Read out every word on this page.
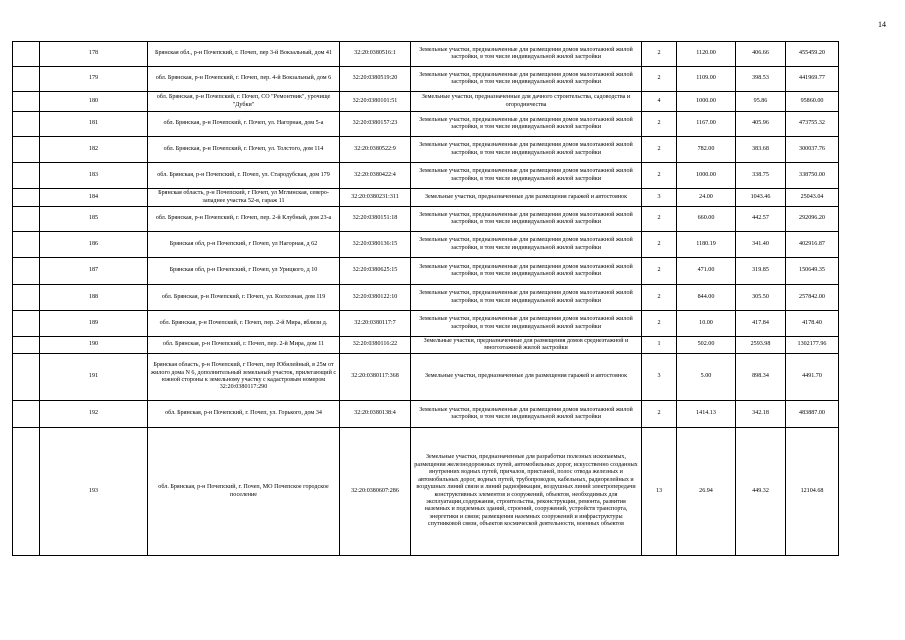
14
	178	Брянская обл., р-н Почепский, г. Почеп, пер 3-й Вокзальный, дом 41	32:20:0380516:1	Земельные участки, предназначенные для размещения домов малоэтажной жилой застройки, в том числе индивидуальной жилой застройки	2	1120.00	406.66	455459.20
	179	обл. Брянская, р-н Почепский, г. Почеп, пер. 4-й Вокзальный, дом 6	32:20:0380519:20	Земельные участки, предназначенные для размещения домов малоэтажной жилой застройки, в том числе индивидуальной жилой застройки	2	1109.00	398.53	441969.77
	180	обл. Брянская, р-н Почепский, г. Почеп, СО "Ремонтник", урочище "Дубки"	32:20:0380101:51	Земельные участки, предназначенные для дачного строительства, садоводства и огородничества	4	1000.00	95.86	95860.00
	181	обл. Брянская, р-н Почепский, г. Почеп, ул. Нагорная, дом 5-а	32:20:0380157:23	Земельные участки, предназначенные для размещения домов малоэтажной жилой застройки, в том числе индивидуальной жилой застройки	2	1167.00	405.96	473755.32
	182	обл. Брянская, р-н Почепский, г. Почеп, ул. Толстого, дом 114	32:20:0380522:9	Земельные участки, предназначенные для размещения домов малоэтажной жилой застройки, в том числе индивидуальной жилой застройки	2	782.00	383.68	300037.76
	183	обл. Брянская, р-н Почепский, г. Почеп, ул. Стародубская, дом 179	32:20:0380422:4	Земельные участки, предназначенные для размещения домов малоэтажной жилой застройки, в том числе индивидуальной жилой застройки	2	1000.00	338.75	338750.00
	184	Брянская область, р-н Почепский, г Почеп, ул Мглинская, северо-западнее участка 52-в, гараж 11	32:20:0380231:311	Земельные участки, предназначенные для размещения гаражей и автостоянок	3	24.00	1043.46	25043.04
	185	обл. Брянская, р-н Почепский, г. Почеп, пер. 2-й Клубный, дом 23-а	32:20:0380151:18	Земельные участки, предназначенные для размещения домов малоэтажной жилой застройки, в том числе индивидуальной жилой застройки	2	660.00	442.57	292096.20
	186	Брянская обл, р-н Почепский, г Почеп, ул Нагорная, д 62	32:20:0380136:15	Земельные участки, предназначенные для размещения домов малоэтажной жилой застройки, в том числе индивидуальной жилой застройки	2	1180.19	341.40	402916.87
	187	Брянская обл, р-н Почепский, г Почеп, ул Урицкого, д 10	32:20:0380625:15	Земельные участки, предназначенные для размещения домов малоэтажной жилой застройки, в том числе индивидуальной жилой застройки	2	471.00	319.85	150649.35
	188	обл. Брянская, р-н Почепский, г. Почеп, ул. Колхозная, дом 119	32:20:0380122:10	Земельные участки, предназначенные для размещения домов малоэтажной жилой застройки, в том числе индивидуальной жилой застройки	2	844.00	305.50	257842.00
	189	обл. Брянская, р-н Почепский, г. Почеп, пер. 2-й Мира, вблизи д.	32:20:0380117:7	Земельные участки, предназначенные для размещения домов малоэтажной жилой застройки, в том числе индивидуальной жилой застройки	2	10.00	417.84	4178.40
	190	обл. Брянская, р-н Почепский, г. Почеп, пер. 2-й Мира, дом 11	32:20:0380116:22	Земельные участки, предназначенные для размещения домов среднеэтажной и многоэтажной жилой застройки	1	502.00	2593.98	1302177.96
	191	Брянская область, р-н Почепский, г Почеп, пер Юбилейный, в 25м от жилого дома N 6, дополнительный земельный участок, прилегающий с южной стороны к земельному участку с кадастровым номером 32:20:0380117:290	32:20:0380117:368	Земельные участки, предназначенные для размещения гаражей и автостоянок	3	5.00	898.34	4491.70
	192	обл. Брянская, р-н Почепский, г. Почеп, ул. Горького, дом 34	32:20:0380138:4	Земельные участки, предназначенные для размещения домов малоэтажной жилой застройки, в том числе индивидуальной жилой застройки	2	1414.13	342.18	483887.00
	193	обл. Брянская, р-н Почепский, г. Почеп, МО Почепское городское поселение	32:20:0380607:286	Земельные участки, предназначенные для разработки полезных ископаемых, размещения железнодорожных путей, автомобильных дорог, искусственно созданных внутренних водных путей, причалов, пристаней, полос отвода железных и автомобильных дорог, водных путей, трубопроводов, кабельных, радиорелейных и воздушных линий связи и линий радиофикации, воздушных линий электропередачи конструктивных элементов и сооружений, объектов, необходимых для эксплуатации,содержания, строительства, реконструкции, ремонта, развития наземных и подземных зданий, строений, сооружений, устройств транспорта, энергетики и связи; размещения наземных сооружений и инфраструктуры спутниковой связи, объектов космической деятельности, военных объектов	13	26.94	449.32	12104.68
